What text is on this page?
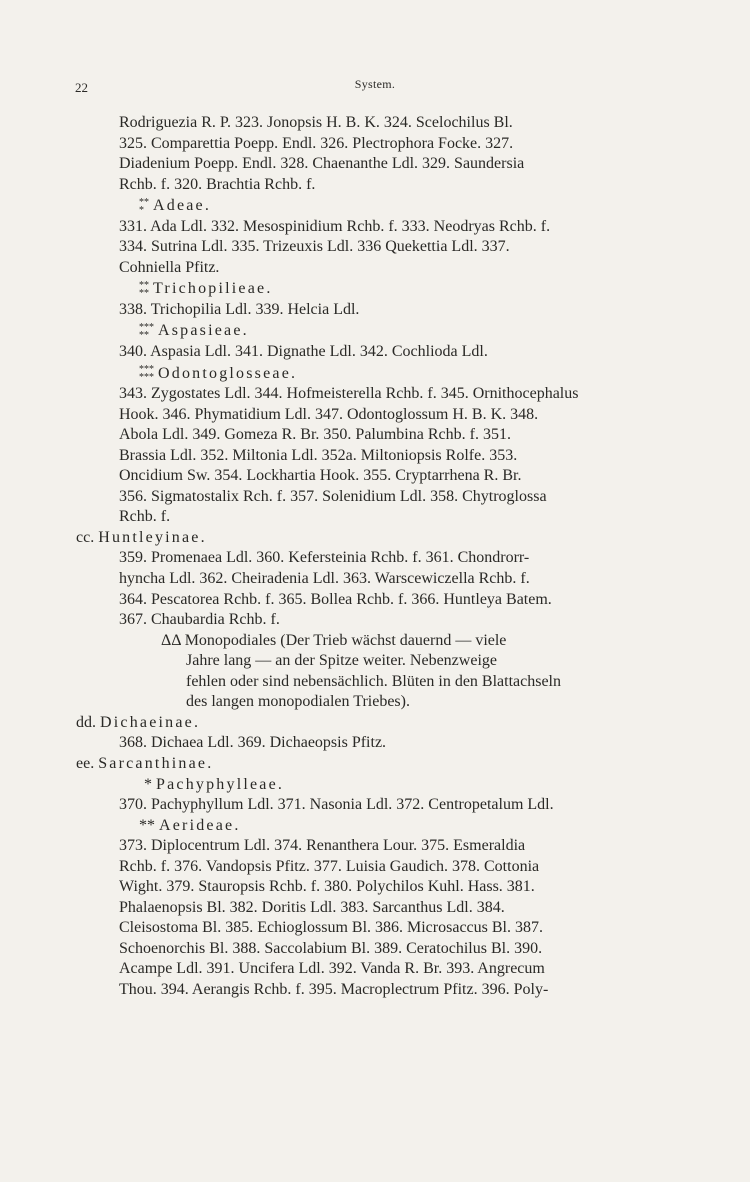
22	System.

Rodriguezia R. P. 323. Jonopsis H. B. K. 324. Scelochilus Bl.

325. Comparettia Poepp. Endl. 326. Plectrophora Focke. 327.

Diadenium Poepp. Endl. 328. Chaenanthe Ldl. 329. Saundersia

Rchb. f. 320. Brachtia Rchb. f.

**
* Adeae.

331. Ada Ldl. 332. Mesospinidium Rchb. f. 333. Neodryas Rchb. f.

334. Sutrina Ldl. 335. Trizeuxis Ldl. 336 Quekettia Ldl. 337.

Cohniella Pfitz.

**
** Trichopilieae.

338. Trichopilia Ldl. 339. Helcia Ldl.

***
** Aspasieae.

340. Aspasia Ldl. 341. Dignathe Ldl. 342. Cochlioda Ldl.

***
*** Odontoglosseae.

343. Zygostates Ldl. 344. Hofmeisterella Rchb. f. 345. Ornithocephalus

Hook. 346. Phymatidium Ldl. 347. Odontoglossum H. B. K. 348.

Abola Ldl. 349. Gomeza R. Br. 350. Palumbina Rchb. f. 351.

Brassia Ldl. 352. Miltonia Ldl. 352a. Miltoniopsis Rolfe. 353.

Oncidium Sw. 354. Lockhartia Hook. 355. Cryptarrhena R. Br.

356. Sigmatostalix Rch. f. 357. Solenidium Ldl. 358. Chytroglossa

Rchb. f.

cc. Huntleyinae.

359. Promenaea Ldl. 360. Kefersteinia Rchb. f. 361. Chondrorr-

hyncha Ldl. 362. Cheiradenia Ldl. 363. Warscewiczella Rchb. f.

364. Pescatorea Rchb. f. 365. Bollea Rchb. f. 366. Huntleya Batem.

367. Chaubardia Rchb. f.

ΔΔ Monopodiales (Der Trieb wächst dauernd — viele

Jahre lang — an der Spitze weiter. Nebenzweige

fehlen oder sind nebensächlich. Blüten in den Blattachseln

des langen monopodialen Triebes).

dd. Dichaeinae.

368. Dichaea Ldl. 369. Dichaeopsis Pfitz.

ee. Sarcanthinae.

* Pachyphylleae.

370. Pachyphyllum Ldl. 371. Nasonia Ldl. 372. Centropetalum Ldl.

** Aerideae.

373. Diplocentrum Ldl. 374. Renanthera Lour. 375. Esmeraldia

Rchb. f. 376. Vandopsis Pfitz. 377. Luisia Gaudich. 378. Cottonia

Wight. 379. Stauropsis Rchb. f. 380. Polychilos Kuhl. Hass. 381.

Phalaenopsis Bl. 382. Doritis Ldl. 383. Sarcanthus Ldl. 384.

Cleisostoma Bl. 385. Echioglossum Bl. 386. Microsaccus Bl. 387.

Schoenorchis Bl. 388. Saccolabium Bl. 389. Ceratochilus Bl. 390.

Acampe Ldl. 391. Uncifera Ldl. 392. Vanda R. Br. 393. Angrecum

Thou. 394. Aerangis Rchb. f. 395. Macroplectrum Pfitz. 396. Poly-
